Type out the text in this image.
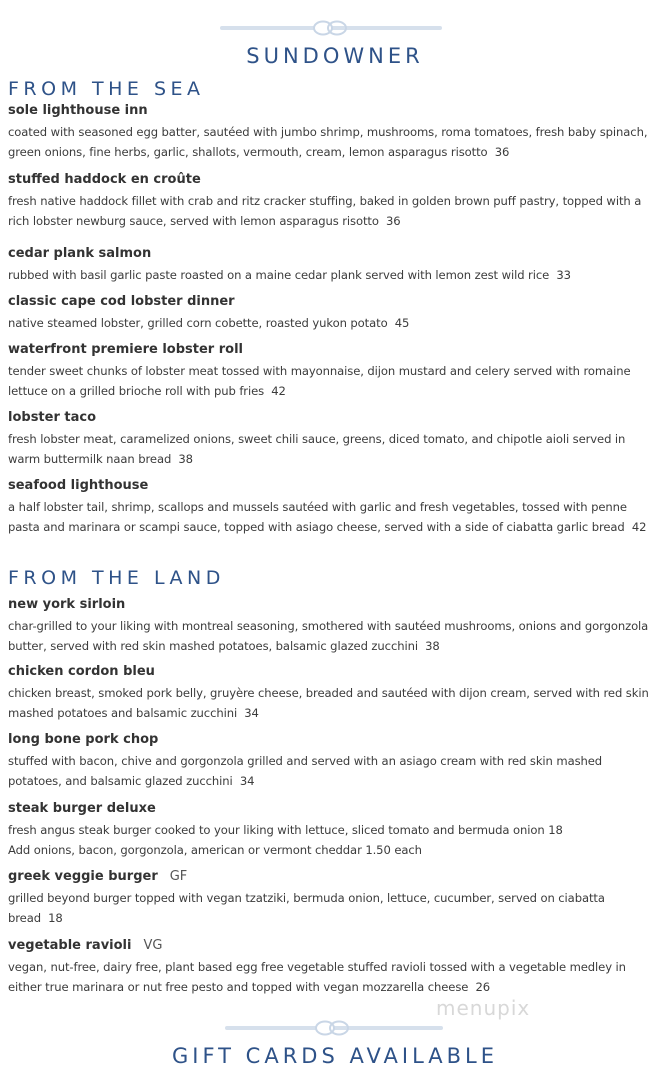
SUNDOWNER
FROM THE SEA
sole lighthouse inn
coated with seasoned egg batter, sautéed with jumbo shrimp, mushrooms, roma tomatoes, fresh baby spinach, green onions, fine herbs, garlic, shallots, vermouth, cream, lemon asparagus risotto 36
stuffed haddock en croûte
fresh native haddock fillet with crab and ritz cracker stuffing, baked in golden brown puff pastry, topped with a rich lobster newburg sauce, served with lemon asparagus risotto 36
cedar plank salmon
rubbed with basil garlic paste roasted on a maine cedar plank served with lemon zest wild rice 33
classic cape cod lobster dinner
native steamed lobster, grilled corn cobette, roasted yukon potato 45
waterfront premiere lobster roll
tender sweet chunks of lobster meat tossed with mayonnaise, dijon mustard and celery served with romaine lettuce on a grilled brioche roll with pub fries 42
lobster taco
fresh lobster meat, caramelized onions, sweet chili sauce, greens, diced tomato, and chipotle aioli served in warm buttermilk naan bread 38
seafood lighthouse
a half lobster tail, shrimp, scallops and mussels sautéed with garlic and fresh vegetables, tossed with penne pasta and marinara or scampi sauce, topped with asiago cheese, served with a side of ciabatta garlic bread 42
FROM THE LAND
new york sirloin
char-grilled to your liking with montreal seasoning, smothered with sautéed mushrooms, onions and gorgonzola butter, served with red skin mashed potatoes, balsamic glazed zucchini 38
chicken cordon bleu
chicken breast, smoked pork belly, gruyère cheese, breaded and sautéed with dijon cream, served with red skin mashed potatoes and balsamic zucchini 34
long bone pork chop
stuffed with bacon, chive and gorgonzola grilled and served with an asiago cream with red skin mashed potatoes, and balsamic glazed zucchini 34
steak burger deluxe
fresh angus steak burger cooked to your liking with lettuce, sliced tomato and bermuda onion 18
Add onions, bacon, gorgonzola, american or vermont cheddar 1.50 each
greek veggie burger GF
grilled beyond burger topped with vegan tzatziki, bermuda onion, lettuce, cucumber, served on ciabatta bread 18
vegetable ravioli VG
vegan, nut-free, dairy free, plant based egg free vegetable stuffed ravioli tossed with a vegetable medley in either true marinara or nut free pesto and topped with vegan mozzarella cheese 26
menupix
GIFT CARDS AVAILABLE
